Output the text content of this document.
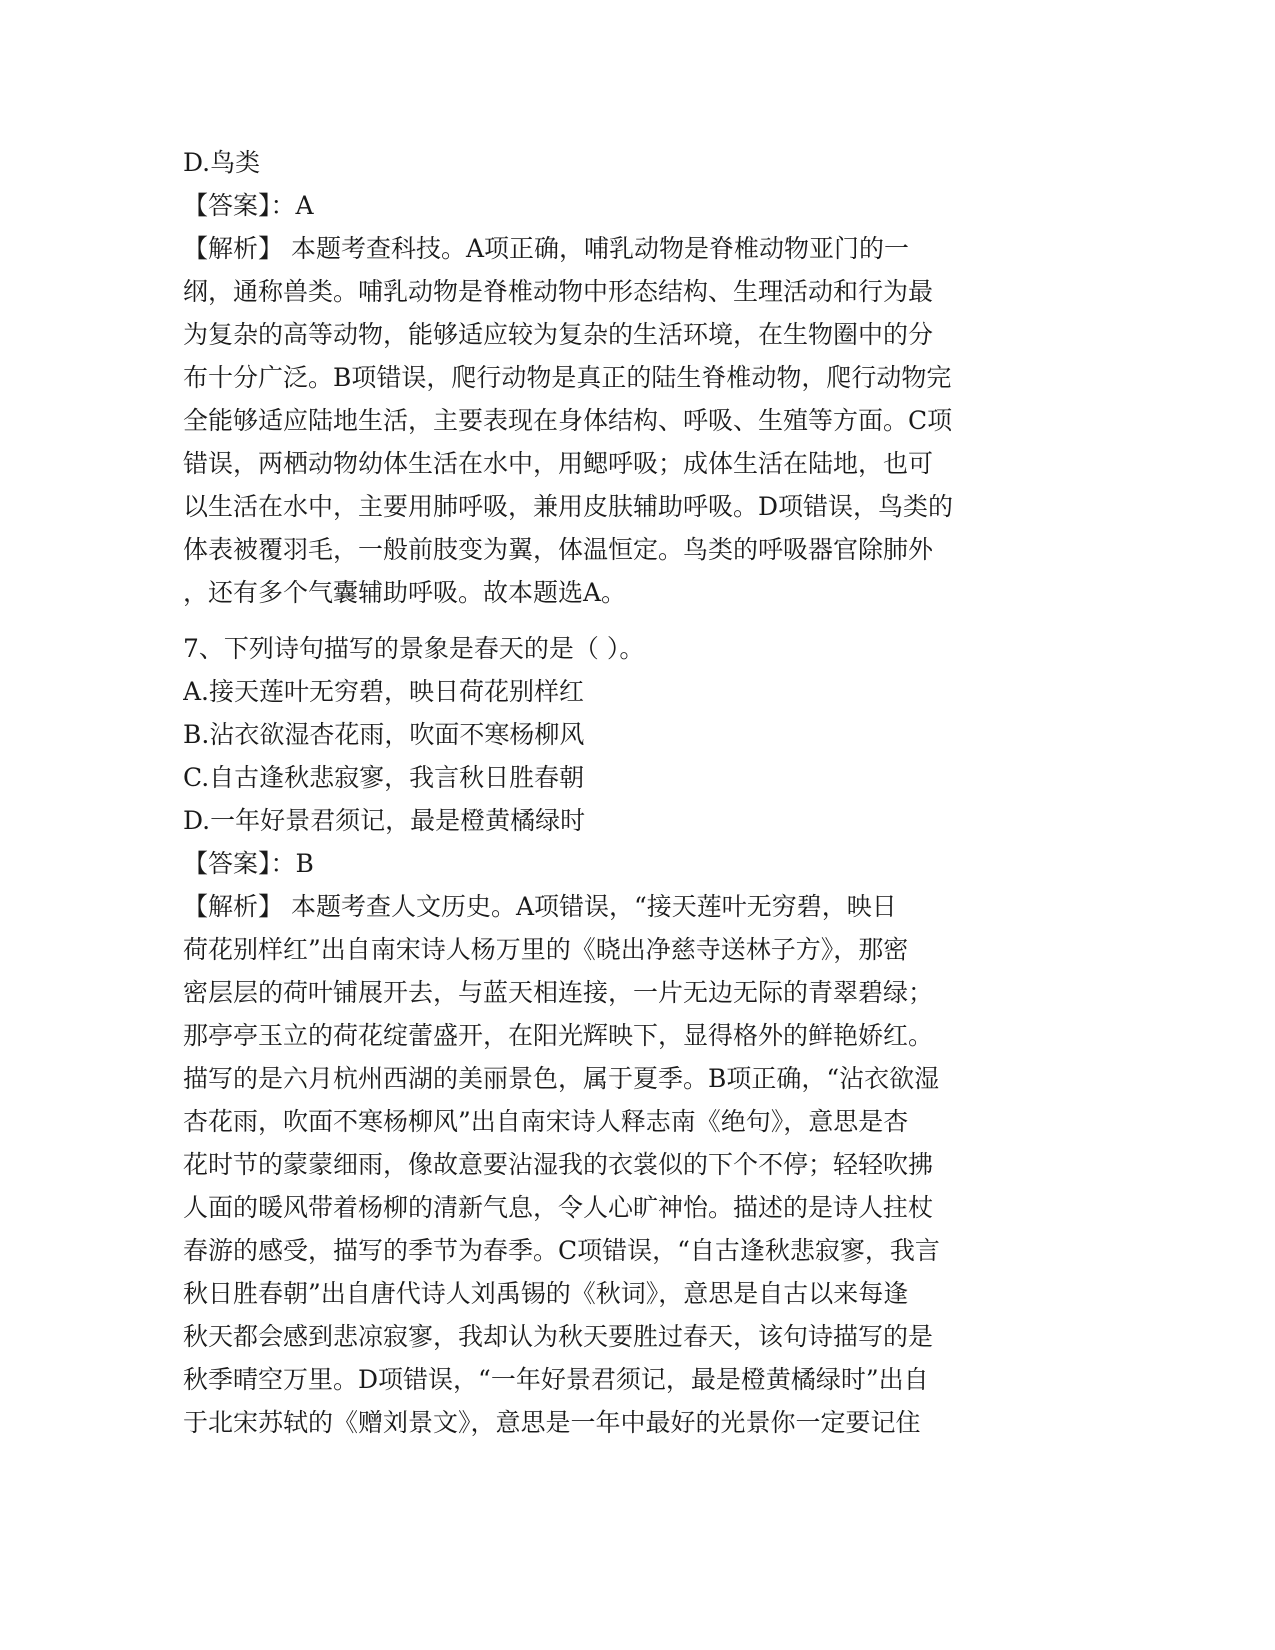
D.鸟类
【答案】：A
【解析】 本题考查科技。A项正确，哺乳动物是脊椎动物亚门的一
纲，通称兽类。哺乳动物是脊椎动物中形态结构、生理活动和行为最
为复杂的高等动物，能够适应较为复杂的生活环境，在生物圈中的分
布十分广泛。B项错误，爬行动物是真正的陆生脊椎动物，爬行动物完
全能够适应陆地生活，主要表现在身体结构、呼吸、生殖等方面。C项
错误，两栖动物幼体生活在水中，用鳃呼吸；成体生活在陆地，也可
以生活在水中，主要用肺呼吸，兼用皮肤辅助呼吸。D项错误，鸟类的
体表被覆羽毛，一般前肢变为翼，体温恒定。鸟类的呼吸器官除肺外
，还有多个气囊辅助呼吸。故本题选A。
7、下列诗句描写的景象是春天的是（ ）。
A.接天莲叶无穷碧，映日荷花别样红
B.沾衣欲湿杏花雨，吹面不寒杨柳风
C.自古逢秋悲寂寥，我言秋日胜春朝
D.一年好景君须记，最是橙黄橘绿时
【答案】：B
【解析】 本题考查人文历史。A项错误，“接天莲叶无穷碧，映日
荷花别样红”出自南宋诗人杨万里的《晓出净慈寺送林子方》，那密
密层层的荷叶铺展开去，与蓝天相连接，一片无边无际的青翠碧绿；
那亭亭玉立的荷花绽蕾盛开，在阳光辉映下，显得格外的鲜艳娇红。
描写的是六月杭州西湖的美丽景色，属于夏季。B项正确，“沾衣欲湿
杏花雨，吹面不寒杨柳风”出自南宋诗人释志南《绝句》，意思是杏
花时节的蒙蒙细雨，像故意要沾湿我的衣裳似的下个不停；轻轻吹拂
人面的暖风带着杨柳的清新气息，令人心旷神怡。描述的是诗人拄杖
春游的感受，描写的季节为春季。C项错误，“自古逢秋悲寂寥，我言
秋日胜春朝”出自唐代诗人刘禹锡的《秋词》，意思是自古以来每逢
秋天都会感到悲凉寂寥，我却认为秋天要胜过春天，该句诗描写的是
秋季晴空万里。D项错误，“一年好景君须记，最是橙黄橘绿时”出自
于北宋苏轼的《赠刘景文》，意思是一年中最好的光景你一定要记住
